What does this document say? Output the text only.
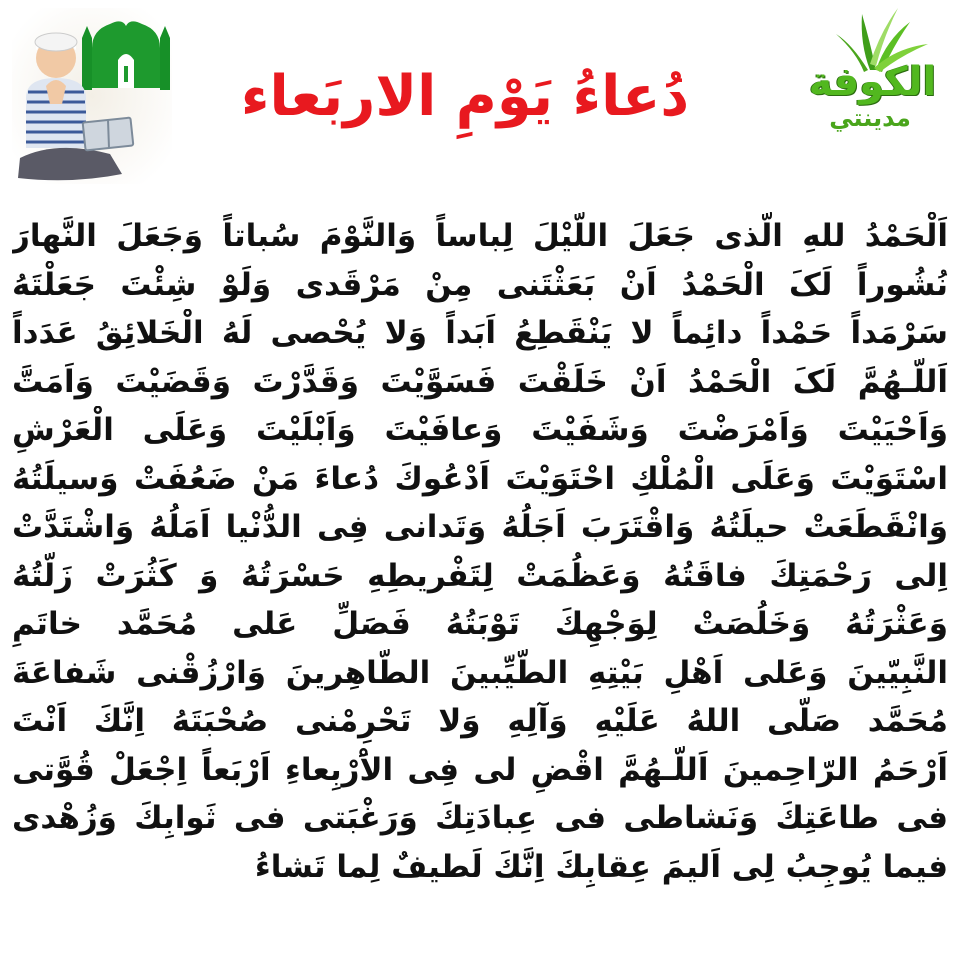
دُعاءُ يَوْمِ الاربَعاء	الكوفة
مدينتي
اَلْحَمْدُ للهِ الَّذى جَعَلَ اللَّيْلَ لِباساً وَالنَّوْمَ سُباتاً وَجَعَلَ النَّهارَ
نُشُوراً لَکَ الْحَمْدُ اَنْ بَعَثْتَنى مِنْ مَرْقَدى وَلَوْ شِئْتَ جَعَلْتَهُ
سَرْمَداً حَمْداً دائِماً لا يَنْقَطِعُ اَبَداً وَلا يُحْصى لَهُ الْخَلائِقُ عَدَداً
اَللّـهُمَّ لَکَ الْحَمْدُ اَنْ خَلَقْتَ فَسَوَّيْتَ وَقَدَّرْتَ وَقَضَيْتَ وَاَمَتَّ
وَاَحْيَيْتَ وَاَمْرَضْتَ وَشَفَيْتَ وَعافَيْتَ وَاَبْلَيْتَ وَعَلَى الْعَرْشِ
اسْتَوَيْتَ وَعَلَى الْمُلْكِ احْتَوَيْتَ اَدْعُوكَ دُعاءَ مَنْ ضَعُفَتْ وَسيلَتُهُ
وَانْقَطَعَتْ حيلَتُهُ وَاقْتَرَبَ اَجَلُهُ وَتَدانى فِى الدُّنْيا اَمَلُهُ وَاشْتَدَّتْ
اِلى رَحْمَتِكَ فاقَتُهُ وَعَظُمَتْ لِتَفْريطِهِ حَسْرَتُهُ وَ كَثُرَتْ زَلَّتُهُ
وَعَثْرَتُهُ وَخَلُصَتْ لِوَجْهِكَ تَوْبَتُهُ فَصَلِّ عَلى مُحَمَّد خاتَمِ
النَّبِيّينَ وَعَلى اَهْلِ بَيْتِهِ الطَّيِّبينَ الطّاهِرينَ وَارْزُقْنى شَفاعَةَ
مُحَمَّد صَلَّى اللهُ عَلَيْهِ وَآلِهِ وَلا تَحْرِمْنى صُحْبَتَهُ اِنَّكَ اَنْتَ
اَرْحَمُ الرّاحِمينَ اَللّـهُمَّ اقْضِ لى فِى الاَْرْبِعاءِ اَرْبَعاً اِجْعَلْ قُوَّتى
فى طاعَتِكَ وَنَشاطى فى عِبادَتِكَ وَرَغْبَتى فى ثَوابِكَ وَزُهْدى
فيما يُوجِبُ لِى اَليمَ عِقابِكَ اِنَّكَ لَطيفٌ لِما تَشاءُ
